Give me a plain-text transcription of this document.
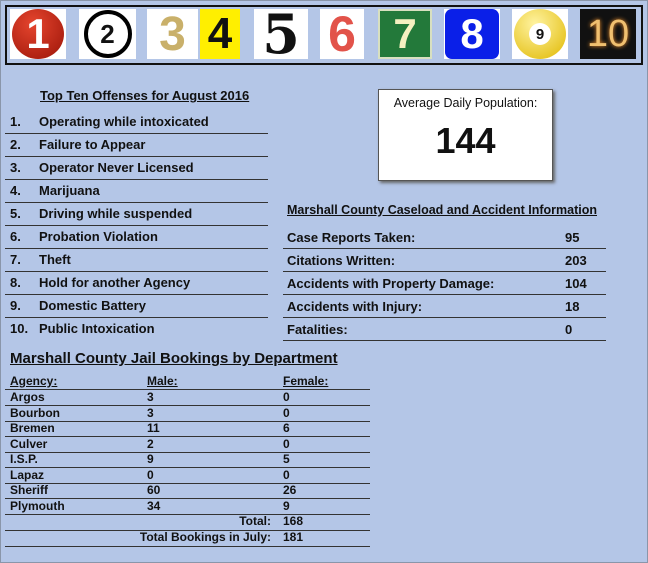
1	2 3 4 5 6 7	8	9 10
Top Ten Offenses for August 2016
1. Operating while intoxicated
2. Failure to Appear
3. Operator Never Licensed
4. Marijuana
5. Driving while suspended
6. Probation Violation
7. Theft
8. Hold for another Agency
9. Domestic Battery
10. Public Intoxication
Average Daily Population:
144
Marshall County Caseload and Accident Information
Case Reports Taken:	95
Citations Written:	203
Accidents with Property Damage:	104
Accidents with Injury:	18
Fatalities:	0
Marshall County Jail Bookings by Department
Agency:	Male:	Female:
Argos	3	0
Bourbon	3	0
Bremen	11	6
Culver	2	0
I.S.P.	9	5
Lapaz	0	0
Sheriff	60	26
Plymouth	34	9
Total: 168
Total Bookings in July: 181
